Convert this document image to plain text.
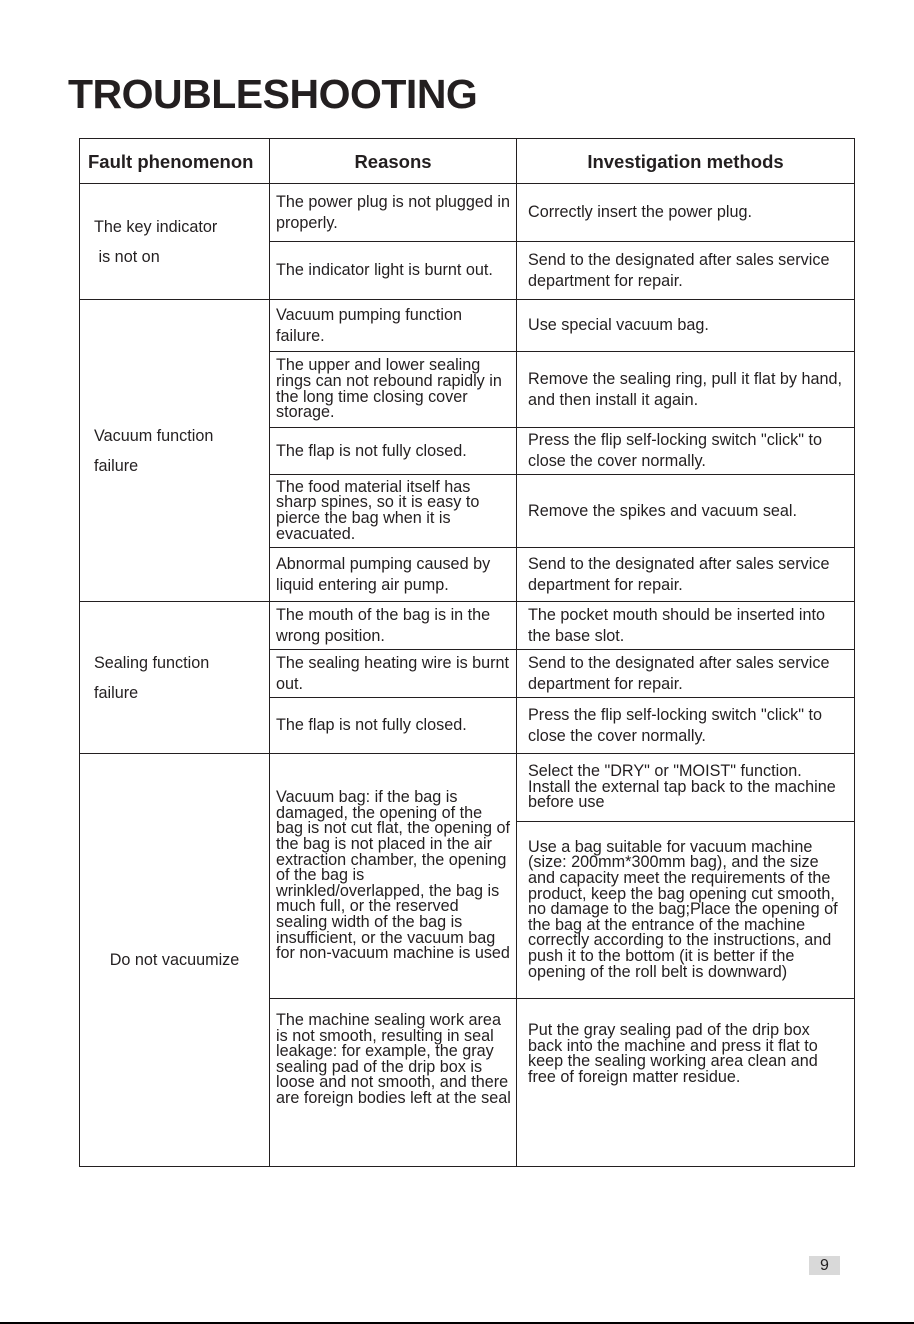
TROUBLESHOOTING
Fault phenomenon	Reasons	Investigation methods

The key indicator
is not on	The power plug is not plugged in properly.	Correctly insert the power plug.
	The indicator light is burnt out.	Send to the designated after sales service department for repair.

Vacuum function
failure	Vacuum pumping function failure.	Use special vacuum bag.
	The upper and lower sealing rings can not rebound rapidly in the long time closing cover storage.	Remove the sealing ring, pull it flat by hand, and then install it again.
	The flap is not fully closed.	Press the flip self-locking switch "click" to close the cover normally.
	The food material itself has sharp spines, so it is easy to pierce the bag when it is evacuated.	Remove the spikes and vacuum seal.
	Abnormal pumping caused by liquid entering air pump.	Send to the designated after sales service department for repair.

Sealing function
failure	The mouth of the bag is in the wrong position.	The pocket mouth should be inserted into the base slot.
	The sealing heating wire is burnt out.	Send to the designated after sales service department for repair.
	The flap is not fully closed.	Press the flip self-locking switch "click" to close the cover normally.

Do not vacuumize	Vacuum bag: if the bag is damaged, the opening of the bag is not cut flat, the opening of the bag is not placed in the air extraction chamber, the opening of the bag is wrinkled/overlapped, the bag is much full, or the reserved sealing width of the bag is insufficient, or the vacuum bag for non-vacuum machine is used	Select the "DRY" or "MOIST" function. Install the external tap back to the machine before use
		Use a bag suitable for vacuum machine (size: 200mm*300mm bag), and the size and capacity meet the requirements of the product, keep the bag opening cut smooth, no damage to the bag;Place the opening of the bag at the entrance of the machine correctly according to the instructions, and push it to the bottom (it is better if the opening of the roll belt is downward)
	The machine sealing work area is not smooth, resulting in seal leakage: for example, the gray sealing pad of the drip box is loose and not smooth, and there are foreign bodies left at the seal	Put the gray sealing pad of the drip box back into the machine and press it flat to keep the sealing working area clean and free of foreign matter residue.
9
